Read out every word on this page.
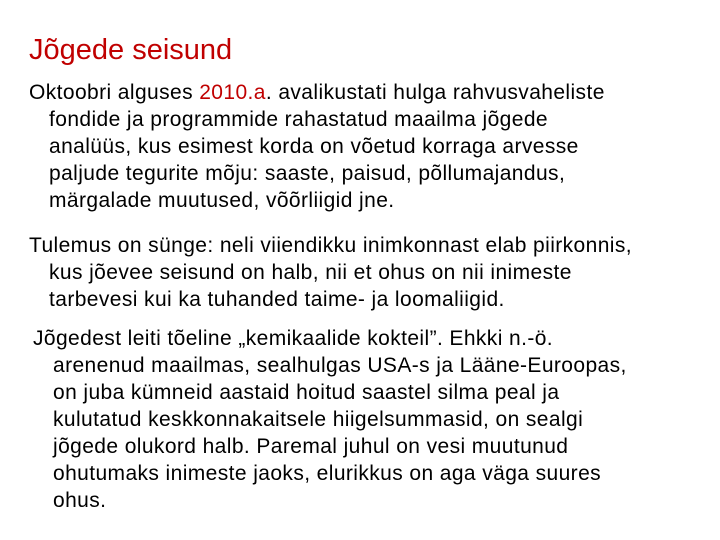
Jõgede seisund

Oktoobri alguses 2010.a. avalikustati hulga rahvusvaheliste
fondide ja programmide rahastatud maailma jõgede
analüüs, kus esimest korda on võetud korraga arvesse
paljude tegurite mõju: saaste, paisud, põllumajandus,
märgalade muutused, võõrliigid jne.

Tulemus on sünge: neli viiendikku inimkonnast elab piirkonnis,
kus jõevee seisund on halb, nii et ohus on nii inimeste
tarbevesi kui ka tuhanded taime- ja loomaliigid.

Jõgedest leiti tõeline „kemikaalide kokteil”. Ehkki n.-ö.
arenenud maailmas, sealhulgas USA-s ja Lääne-Euroopas,
on juba kümneid aastaid hoitud saastel silma peal ja
kulutatud keskkonnakaitsele hiigelsummasid, on sealgi
jõgede olukord halb. Paremal juhul on vesi muutunud
ohutumaks inimeste jaoks, elurikkus on aga väga suures
ohus.
